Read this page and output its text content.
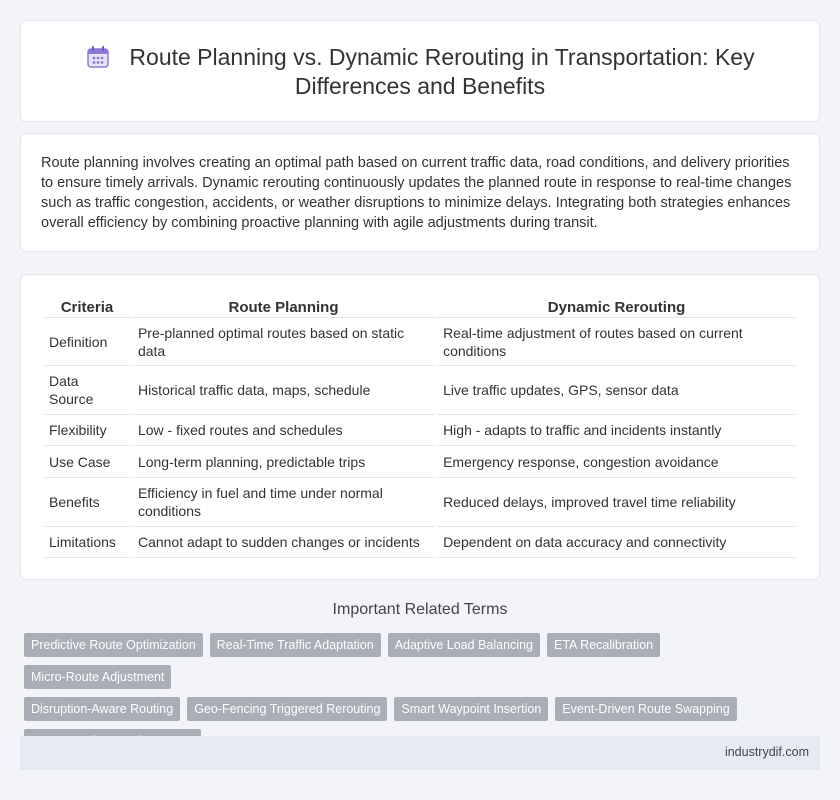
Route Planning vs. Dynamic Rerouting in Transportation: Key Differences and Benefits

Route planning involves creating an optimal path based on current traffic data, road conditions, and delivery priorities to ensure timely arrivals. Dynamic rerouting continuously updates the planned route in response to real-time changes such as traffic congestion, accidents, or weather disruptions to minimize delays. Integrating both strategies enhances overall efficiency by combining proactive planning with agile adjustments during transit.

Criteria	Route Planning	Dynamic Rerouting
Definition	Pre-planned optimal routes based on static data	Real-time adjustment of routes based on current conditions
Data Source	Historical traffic data, maps, schedule	Live traffic updates, GPS, sensor data
Flexibility	Low - fixed routes and schedules	High - adapts to traffic and incidents instantly
Use Case	Long-term planning, predictable trips	Emergency response, congestion avoidance
Benefits	Efficiency in fuel and time under normal conditions	Reduced delays, improved travel time reliability
Limitations	Cannot adapt to sudden changes or incidents	Dependent on data accuracy and connectivity
Important Related Terms
Predictive Route Optimization Real-Time Traffic Adaptation Adaptive Load Balancing ETA RecalibrationMicro-Route Adjustment
Disruption-Aware Routing Geo-Fencing Triggered Rerouting Smart Waypoint Insertion Event-Driven Route Swapping

industrydif.com
